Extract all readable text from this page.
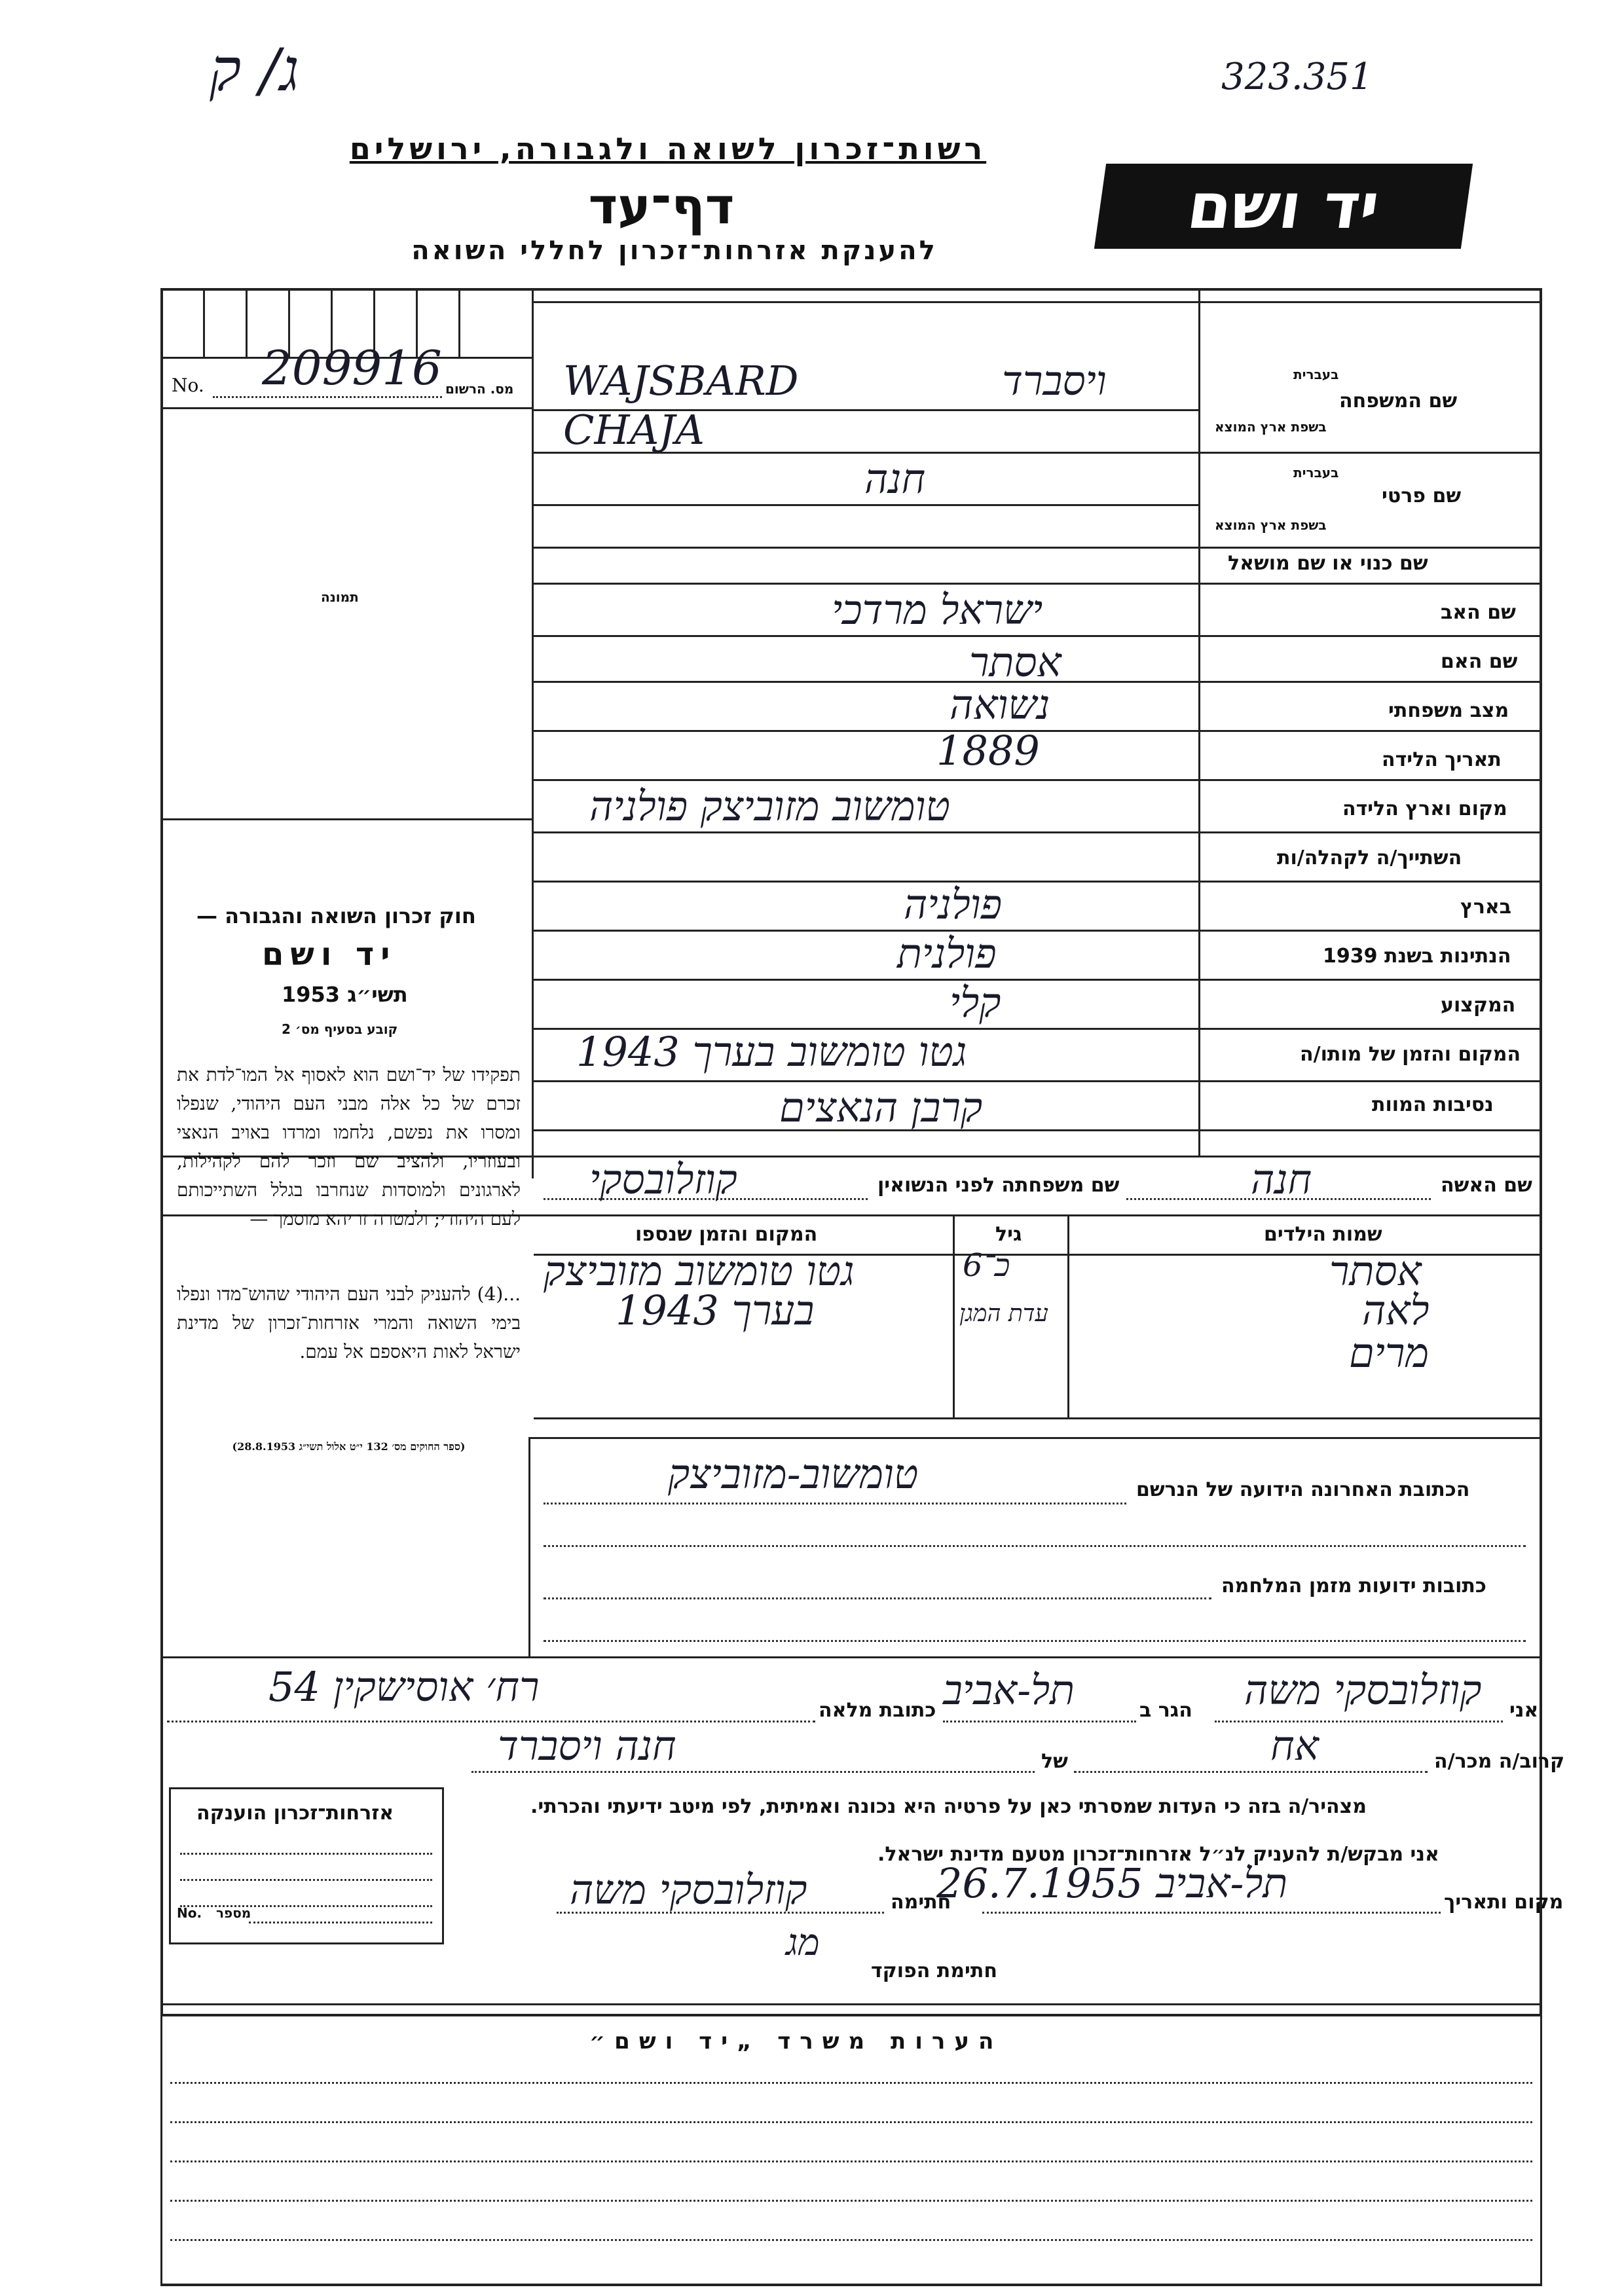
ג/ ק	323.351
רשות־זכרון לשואה ולגבורה, ירושלים
דף־עד
להענקת אזרחות־זכרון לחללי השואה
יד ושם
No. 209916 מס. הרשום
תמונה
שם המשפחה
בעברית
בשפת ארץ המוצא
WAJSBARD	ויסברד
CHAJA
שם פרטי
בעברית
בשפת ארץ המוצא
חנה
שם כנוי או שם מושאל
שם האב
ישראל מרדכי
שם האם
אסתר
מצב משפחתי
נשואה
תאריך הלידה
1889
מקום וארץ הלידה
טומשוב מזוביצק פולניה
השתייך/ה לקהלה/ות
בארץ
פולניה
הנתינות בשנת 1939
פולנית
המקצוע
קלי
המקום והזמן של מותו/ה
גטו טומשוב בערך 1943
נסיבות המוות
קרבן הנאצים
שם האשה
חנה
שם משפחתה לפני הנשואין
קוזלובסקי
חוק זכרון השואה והגבורה —
יד ושם
תשי״ג 1953
קובע בסעיף מס׳ 2
תפקידו של יד־ושם הוא לאסוף אל המו־לדת את זכרם של כל אלה מבני העם היהודי, שנפלו ומסרו את נפשם, נלחמו ומרדו באויב הנאצי ובעוזריו, ולהציב שם וזכר להם לקהילות, לארגונים ולמוסדות שנחרבו בגלל השתייכותם לעם היהודי; ולמטרה זו יהא מוסמך —
...(4) להעניק לבני העם היהודי שהוש־מדו ונפלו בימי השואה והמרי אזרחות־זכרון של מדינת ישראל לאות היאספם אל עמם.
(ספר החוקים מס׳ 132 י״ט אלול תשי״ג 28.8.1953)
שמות הילדים
גיל
המקום והזמן שנספו
אסתר
כ־6
גטו טומשוב מזוביצק
לאה
עדת המגן
בערך 1943
מרים
הכתובת האחרונה הידועה של הנרשם
טומשוב-מזוביצק
כתובות ידועות מזמן המלחמה
אני
קוזלובסקי משה
הגר ב
תל-אביב
כתובת מלאה
רח׳ אוסישקין 54
קרוב/ה מכר/ה
אח
של
חנה ויסברד
מצהיר/ה בזה כי העדות שמסרתי כאן על פרטיה היא נכונה ואמיתית, לפי מיטב ידיעתי והכרתי.
אני מבקש/ת להעניק לנ״ל אזרחות־זכרון מטעם מדינת ישראל.
מקום ותאריך
תל-אביב 26.7.1955
חתימה
קוזלובסקי משה
מג
חתימת הפוקד
אזרחות־זכרון הוענקה
No. מספר
הערות משרד „יד ושם״
